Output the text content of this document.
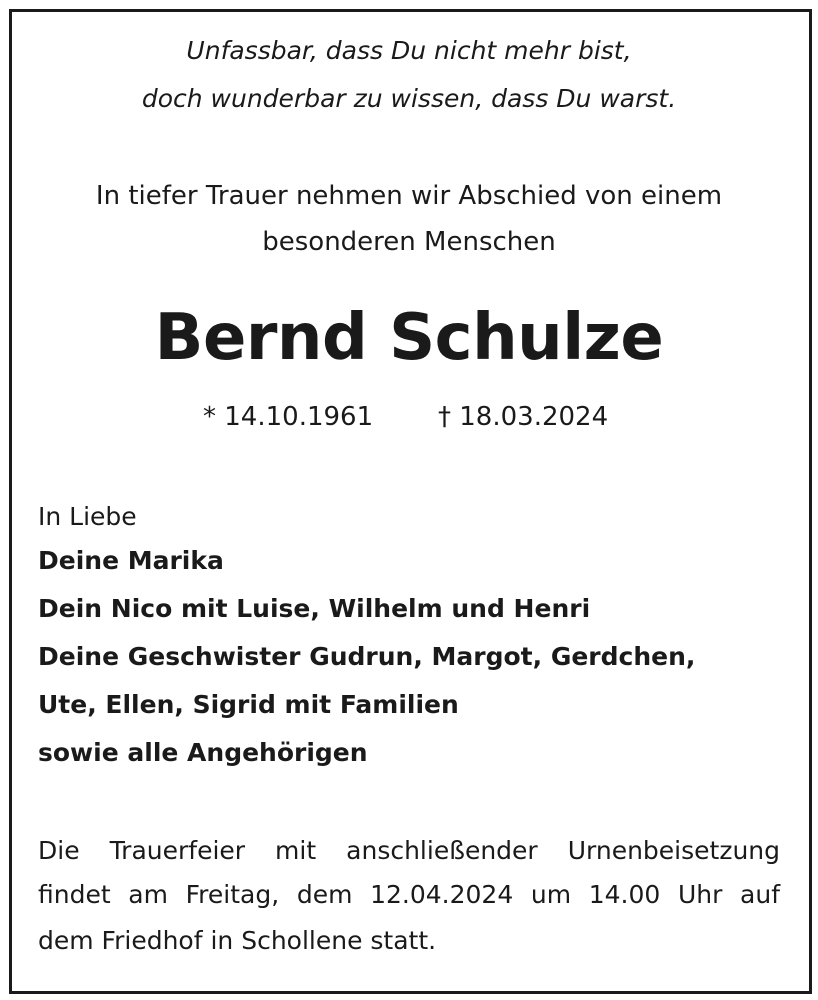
Unfassbar, dass Du nicht mehr bist,
doch wunderbar zu wissen, dass Du warst.
In tiefer Trauer nehmen wir Abschied von einem
besonderen Menschen
Bernd Schulze
* 14.10.1961 † 18.03.2024
In Liebe
Deine Marika
Dein Nico mit Luise, Wilhelm und Henri
Deine Geschwister Gudrun, Margot, Gerdchen,
Ute, Ellen, Sigrid mit Familien
sowie alle Angehörigen
Die Trauerfeier mit anschließender Urnenbeisetzung
findet am Freitag, dem 12.04.2024 um 14.00 Uhr auf
dem Friedhof in Schollene statt.
